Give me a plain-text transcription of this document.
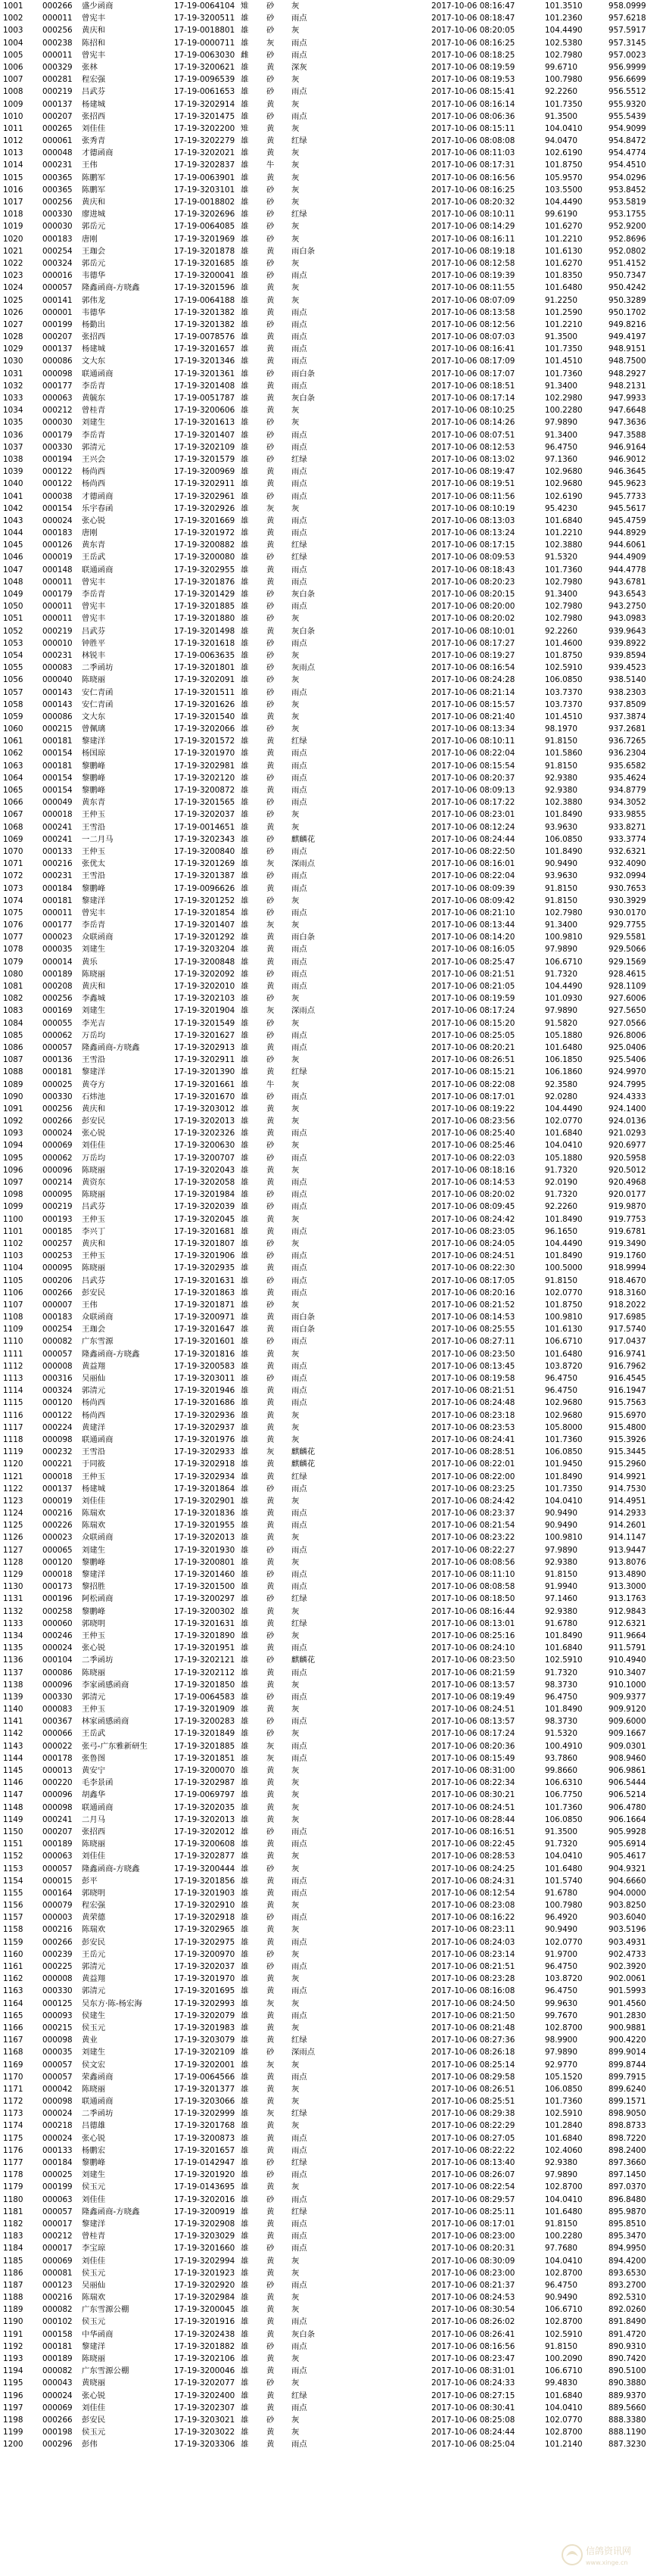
1001	000266	盛少函商	17-19-0064104 雉	砂	灰	2017-10-06 08:16:47	101.3510	958.0999
1002	000011	曾宪丰	17-19-3200511 雄	砂	雨点	2017-10-06 08:18:47	101.2360	957.6218
1003	000256	黄庆和	17-19-0018801 雄	砂	灰	2017-10-06 08:20:05	104.4490	957.5917
1004	000238	陈招和	17-19-0000711 雄	灰	雨点	2017-10-06 08:16:25	102.5380	957.3145
1005	000011	曾宪丰	17-19-0063030 雌	砂	雨点	2017-10-06 08:18:25	102.7980	957.0023
1006	000329	张林	17-19-3200621 雄	黄	深灰	2017-10-06 08:19:59	99.6710	956.9999
1007	000281	程宏强	17-19-0096539 雄	砂	灰	2017-10-06 08:19:53	100.7980	956.6699
1008	000219	吕武芬	17-19-0061653 雄	砂	雨点	2017-10-06 08:15:41	92.2260	956.5512
1009	000137	杨建城	17-19-3202914 雄	黄	灰	2017-10-06 08:16:14	101.7350	955.9320
1010	000207	张招西	17-19-3201475 雄	砂	雨点	2017-10-06 08:06:36	91.3500	955.5439
1011	000265	刘佳佳	17-19-3202200 雉	黄	灰	2017-10-06 08:15:11	104.0410	954.9099
1012	000061	张秀青	17-19-3202279 雄	黄	红绿	2017-10-06 08:08:08	94.0470	954.8472
1013	000048	才德函商	17-19-3202021 雄	黄	灰	2017-10-06 08:11:03	102.6190	954.4774
1014	000231	王伟	17-19-3202837 雄	牛	灰	2017-10-06 08:17:31	101.8750	954.4510
1015	000365	陈鹏军	17-19-0063901 雄	黄	灰	2017-10-06 08:16:56	105.9570	954.0296
1016	000365	陈鹏军	17-19-3203101 雄	砂	灰	2017-10-06 08:16:25	103.5500	953.8452
1017	000256	黄庆和	17-19-0018802 雄	砂	灰	2017-10-06 08:20:32	104.4490	953.5819
1018	000330	廖进城	17-19-3202696 雄	砂	红绿	2017-10-06 08:10:11	99.6190	953.1755
1019	000030	郭岳元	17-19-0064085 雄	砂	灰	2017-10-06 08:14:29	101.6270	952.9200
1020	000183	唐刚	17-19-3201969 雄	砂	灰	2017-10-06 08:16:11	101.2210	952.8696
1021	000254	王珈会	17-19-3201878 雄	黄	雨白条	2017-10-06 08:19:18	101.6130	952.0802
1022	000324	郭岳元	17-19-3201685 雄	砂	灰	2017-10-06 08:12:58	101.6270	951.4152
1023	000016	韦德华	17-19-3200041 雄	砂	雨点	2017-10-06 08:19:39	101.8350	950.7347
1024	000057	隆鑫函商-方晓鑫	17-19-3201596 雄	黄	灰	2017-10-06 08:11:55	101.6480	950.4242
1025	000141	郭伟龙	17-19-0064188 雄	黄	灰	2017-10-06 08:07:09	91.2250	950.3289
1026	000001	韦德华	17-19-3201382 雄	黄	雨点	2017-10-06 08:13:58	101.2590	950.1702
1027	000199	杨勤出	17-19-3201382 雄	砂	雨点	2017-10-06 08:12:56	101.2210	949.8216
1028	000207	张招西	17-19-0078576 雄	黄	雨点	2017-10-06 08:07:03	91.3500	949.4197
1029	000137	杨建城	17-19-3201657 雄	黄	雨点	2017-10-06 08:16:41	101.7350	948.9151
1030	000086	文大东	17-19-3201346 雄	黄	雨点	2017-10-06 08:17:09	101.4510	948.7500
1031	000098	联通函商	17-19-3201361 雄	砂	雨白条	2017-10-06 08:17:07	101.7360	948.2927
1032	000177	李岳青	17-19-3201408 雄	黄	雨点	2017-10-06 08:18:51	91.3400	948.2131
1033	000063	黄毓东	17-19-0051787 雄	黄	灰白条	2017-10-06 08:17:14	102.2980	947.9933
1034	000212	曾桂青	17-19-3200606 雄	黄	灰	2017-10-06 08:10:25	100.2280	947.6648
1035	000030	刘建生	17-19-3201613 雄	砂	灰	2017-10-06 08:14:26	97.9890	947.3636
1036	000179	李岳青	17-19-3201407 雄	砂	雨点	2017-10-06 08:07:51	91.3400	947.3588
1037	000330	郭清元	17-19-3202109 雄	砂	雨点	2017-10-06 08:12:53	96.4750	946.9164
1038	000194	王兴会	17-19-3201579 雄	砂	红绿	2017-10-06 08:13:02	97.1360	946.9012
1039	000122	杨尚西	17-19-3200969 雄	黄	雨点	2017-10-06 08:19:47	102.9680	946.3645
1040	000122	杨尚西	17-19-3202911 雄	黄	雨点	2017-10-06 08:19:51	102.9680	945.9623
1041	000038	才德函商	17-19-3202961 雄	砂	雨点	2017-10-06 08:11:56	102.6190	945.7733
1042	000154	乐宇春函	17-19-3202926 雄	灰	灰	2017-10-06 08:10:19	95.4230	945.5617
1043	000024	张心锐	17-19-3201669 雄	黄	雨点	2017-10-06 08:13:03	101.6840	945.4759
1044	000183	唐刚	17-19-3201972 雄	黄	雨点	2017-10-06 08:13:24	101.2210	944.8929
1045	000126	黄东青	17-19-3200882 雄	黄	红绿	2017-10-06 08:17:15	102.3880	944.6061
1046	000019	王岳武	17-19-3200080 雄	砂	红绿	2017-10-06 08:09:53	91.5320	944.4909
1047	000148	联通函商	17-19-3202955 雄	黄	雨点	2017-10-06 08:18:43	101.7360	944.4778
1048	000011	曾宪丰	17-19-3201876 雄	黄	雨点	2017-10-06 08:20:23	102.7980	943.6781
1049	000179	李岳青	17-19-3201429 雄	砂	灰白条	2017-10-06 08:20:15	91.3400	943.6543
1050	000011	曾宪丰	17-19-3201885 雄	砂	雨点	2017-10-06 08:20:00	102.7980	943.2750
1051	000011	曾宪丰	17-19-3201880 雄	砂	灰	2017-10-06 08:20:02	102.7980	943.0983
1052	000219	吕武芬	17-19-3201498 雄	黄	灰白条	2017-10-06 08:10:01	92.2260	939.9643
1053	000010	钟胜平	17-19-3201618 雄	砂	雨点	2017-10-06 08:17:27	101.4600	939.8922
1054	000231	林锐丰	17-19-0063635 雄	砂	灰	2017-10-06 08:19:27	101.8750	939.8594
1055	000083	二季函坊	17-19-3201801 雄	砂	灰雨点	2017-10-06 08:16:54	102.5910	939.4523
1056	000040	陈晓丽	17-19-3202091 雄	砂	灰	2017-10-06 08:24:28	106.0850	938.5140
1057	000143	安仁青函	17-19-3201511 雄	砂	雨点	2017-10-06 08:21:14	103.7370	938.2303
1058	000143	安仁青函	17-19-3201626 雄	砂	灰	2017-10-06 08:15:57	103.7370	937.8509
1059	000086	文大东	17-19-3201540 雄	黄	灰	2017-10-06 08:21:40	101.4510	937.3874
1060	000215	曾佩璃	17-19-3202066 雄	砂	灰	2017-10-06 08:13:34	98.1970	937.2681
1061	000181	黎建洋	17-19-3201572 雄	黄	红绿	2017-10-06 08:10:11	91.8150	936.7265
1062	000154	杨国琼	17-19-3201970 雄	黄	雨点	2017-10-06 08:22:04	101.5860	936.2304
1063	000181	黎鹏峰	17-19-3202981 雄	黄	雨点	2017-10-06 08:15:54	91.8150	935.6582
1064	000154	黎鹏峰	17-19-3202120 雄	砂	雨点	2017-10-06 08:20:37	92.9380	935.4624
1065	000154	黎鹏峰	17-19-3200872 雄	黄	雨点	2017-10-06 08:09:13	92.9380	934.8779
1066	000049	黄东青	17-19-3201565 雄	砂	雨点	2017-10-06 08:17:22	102.3880	934.3052
1067	000018	王仲玉	17-19-3202037 雄	砂	灰	2017-10-06 08:23:01	101.8490	933.9855
1068	000241	王雪沿	17-19-0014651 雄	黄	灰	2017-10-06 08:12:24	93.9630	933.8271
1069	000241	一二月马	17-19-3202343 雄	砂	麒麟花	2017-10-06 08:24:44	106.0850	933.3774
1070	000133	王仲玉	17-19-3200840 雄	砂	雨点	2017-10-06 08:22:50	101.8490	932.6321
1071	000216	张优太	17-19-3201269 雄	灰	深雨点	2017-10-06 08:16:01	90.9490	932.4090
1072	000231	王雪沿	17-19-3201387 雄	砂	雨点	2017-10-06 08:22:04	93.9630	932.0994
1073	000184	黎鹏峰	17-19-0096626 雄	黄	雨点	2017-10-06 08:09:39	91.8150	930.7653
1074	000181	黎建洋	17-19-3201252 雄	砂	灰	2017-10-06 08:09:42	91.8150	930.3929
1075	000011	曾宪丰	17-19-3201854 雄	砂	雨点	2017-10-06 08:21:10	102.7980	930.0170
1076	000177	李岳青	17-19-3201407 雄	灰	灰	2017-10-06 08:13:44	91.3400	929.7755
1077	000023	众联函商	17-19-3201292 雄	黄	雨白条	2017-10-06 08:14:20	100.9810	929.5581
1078	000035	刘建生	17-19-3203204 雄	黄	雨点	2017-10-06 08:16:05	97.9890	929.5066
1079	000014	黄乐	17-19-3200848 雄	黄	雨点	2017-10-06 08:25:47	106.6710	929.1569
1080	000189	陈晓丽	17-19-3202092 雄	砂	雨点	2017-10-06 08:21:51	91.7320	928.4615
1081	000208	黄庆和	17-19-3202010 雄	黄	雨点	2017-10-06 08:21:05	104.4490	928.1109
1082	000256	李鑫城	17-19-3202103 雄	砂	灰	2017-10-06 08:19:59	101.0930	927.6006
1083	000169	刘建生	17-19-3201904 雄	灰	深雨点	2017-10-06 08:17:24	97.9890	927.5650
1084	000055	李光吉	17-19-3201549 雄	砂	灰	2017-10-06 08:15:20	91.5820	927.0566
1085	000062	万岳均	17-19-3201627 雄	砂	雨点	2017-10-06 08:25:05	105.1880	926.8006
1086	000057	隆鑫函商-方晓鑫	17-19-3202913 雄	黄	雨点	2017-10-06 08:20:21	101.6480	925.0406
1087	000136	王雪沿	17-19-3202911 雄	砂	灰	2017-10-06 08:26:51	106.1850	925.5406
1088	000181	黎建洋	17-19-3201390 雄	黄	红绿	2017-10-06 08:15:21	106.1860	924.9970
1089	000025	黄夺方	17-19-3201661 雄	牛	灰	2017-10-06 08:22:08	92.3580	924.7995
1090	000330	石炜池	17-19-3201670 雄	砂	雨点	2017-10-06 08:17:01	92.0280	924.4333
1091	000256	黄庆和	17-19-3203012 雄	黄	灰	2017-10-06 08:19:22	104.4490	924.1400
1092	000266	彭安民	17-19-3202013 雄	黄	灰	2017-10-06 08:23:56	102.0770	924.0136
1093	000024	张心锐	17-19-3202326 雄	黄	雨点	2017-10-06 08:25:40	101.6840	921.0293
1094	000069	刘佳佳	17-19-3200630 雄	砂	灰	2017-10-06 08:25:46	104.0410	920.6977
1095	000062	万岳均	17-19-3200707 雄	砂	雨点	2017-10-06 08:22:03	105.1880	920.5958
1096	000096	陈晓丽	17-19-3202043 雄	黄	灰	2017-10-06 08:18:16	91.7320	920.5012
1097	000214	黄资东	17-19-3202058 雄	黄	雨点	2017-10-06 08:14:53	92.0190	920.4968
1098	000095	陈晓丽	17-19-3201984 雄	砂	雨点	2017-10-06 08:20:02	91.7320	920.0177
1099	000219	吕武芬	17-19-3202039 雄	砂	雨点	2017-10-06 08:09:45	92.2260	919.9870
1100	000193	王仲玉	17-19-3202045 雄	黄	灰	2017-10-06 08:24:42	101.8490	919.7753
1101	000185	李兴丁	17-19-3201681 雄	黄	雨点	2017-10-06 08:23:05	96.1650	919.6781
1102	000257	黄庆和	17-19-3201807 雄	砂	灰	2017-10-06 08:24:05	104.4490	919.3490
1103	000253	王仲玉	17-19-3201906 雄	砂	雨点	2017-10-06 08:24:51	101.8490	919.1760
1104	000095	陈晓丽	17-19-3202935 雄	黄	雨点	2017-10-06 08:22:30	100.5000	918.9994
1105	000206	吕武芬	17-19-3201631 雄	砂	雨点	2017-10-06 08:17:05	91.8150	918.4670
1106	000266	彭安民	17-19-3201863 雄	黄	雨点	2017-10-06 08:20:16	102.0770	918.3160
1107	000007	王伟	17-19-3201871 雄	砂	灰	2017-10-06 08:21:52	101.8750	918.2022
1108	000183	众联函商	17-19-3200971 雄	黄	雨白条	2017-10-06 08:14:53	100.9810	917.6985
1109	000254	王珈会	17-19-3201647 雄	黄	雨白条	2017-10-06 08:25:55	101.6130	917.5740
1110	000082	广东雪源	17-19-3201601 雄	砂	雨点	2017-10-06 08:27:11	106.6710	917.0437
1111	000057	隆鑫函商-方晓鑫	17-19-3201816 雄	黄	灰	2017-10-06 08:23:50	101.6480	916.9741
1112	000008	黄益翔	17-19-3200583 雄	黄	雨点	2017-10-06 08:13:45	103.8720	916.7962
1113	000316	吴丽仙	17-19-3203011 雄	砂	雨点	2017-10-06 08:19:58	96.4750	916.4545
1114	000324	郭清元	17-19-3201946 雄	黄	雨点	2017-10-06 08:21:51	96.4750	916.1947
1115	000120	杨尚西	17-19-3201686 雄	黄	雨点	2017-10-06 08:24:48	102.9680	915.7563
1116	000122	杨尚西	17-19-3202936 雄	黄	灰	2017-10-06 08:23:18	102.9680	915.6970
1117	000224	黄建洋	17-19-3202937 雄	黄	灰	2017-10-06 08:23:53	105.8000	915.4800
1118	000098	联通函商	17-19-3201976 雄	黄	灰	2017-10-06 08:24:41	101.7360	915.3926
1119	000232	王雪沿	17-19-3202933 雄	灰	麒麟花	2017-10-06 08:28:51	106.0850	915.3445
1120	000221	于同筱	17-19-3202918 雄	黄	麒麟花	2017-10-06 08:22:01	101.9450	915.2960
1121	000018	王仲玉	17-19-3202934 雄	黄	红绿	2017-10-06 08:22:00	101.8490	914.9921
1122	000137	杨建城	17-19-3201864 雄	砂	雨点	2017-10-06 08:23:25	101.7350	914.7530
1123	000019	刘佳佳	17-19-3202901 雄	黄	灰	2017-10-06 08:24:42	104.0410	914.4951
1124	000216	陈瑞欢	17-19-3201836 雄	黄	雨点	2017-10-06 08:23:37	90.9490	914.2933
1125	000226	陈瑞欢	17-19-3201955 雄	黄	雨点	2017-10-06 08:21:54	90.9490	914.2601
1126	000023	众联函商	17-19-3202013 雄	黄	灰	2017-10-06 08:23:22	100.9810	914.1147
1127	000065	刘建生	17-19-3201930 雄	砂	雨点	2017-10-06 08:22:27	97.9890	913.9447
1128	000120	黎鹏峰	17-19-3200801 雄	黄	灰	2017-10-06 08:08:56	92.9380	913.8076
1129	000018	黎建洋	17-19-3201460 雄	砂	雨点	2017-10-06 08:11:10	91.8150	913.4890
1130	000173	黎招胜	17-19-3201500 雄	黄	雨点	2017-10-06 08:08:58	91.9940	913.3000
1131	000196	阿松函商	17-19-3200297 雄	砂	红绿	2017-10-06 08:18:50	97.1460	913.1763
1132	000258	黎鹏峰	17-19-3200302 雄	黄	灰	2017-10-06 08:16:44	92.9380	912.9843
1133	000060	郭晓明	17-19-3201631 雄	黄	红绿	2017-10-06 08:13:01	91.6780	912.6321
1134	000246	王仲玉	17-19-3201890 雄	砂	灰	2017-10-06 08:25:16	101.8490	911.9664
1135	000024	张心锐	17-19-3201951 雄	黄	雨点	2017-10-06 08:24:10	101.6840	911.5791
1136	000104	二季函坊	17-19-3202121 雄	砂	麒麟花	2017-10-06 08:23:50	102.5910	910.4940
1137	000086	陈晓丽	17-19-3202112 雄	黄	雨点	2017-10-06 08:21:59	91.7320	910.3407
1138	000096	李家函感函商	17-19-3201850 雄	黄	灰	2017-10-06 08:13:57	98.3730	910.1000
1139	000330	郭清元	17-19-0064583 雄	砂	雨点	2017-10-06 08:19:49	96.4750	909.9377
1140	000083	王仲玉	17-19-3201909 雄	黄	灰	2017-10-06 08:24:51	101.8490	909.9120
1141	000367	林家函感函商	17-19-3200283 雄	砂	雨点	2017-10-06 08:13:57	98.3730	909.6000
1142	000066	王岳武	17-19-3201849 雄	砂	灰	2017-10-06 08:17:24	91.5320	909.1667
1143	000022	张弓-广东雅新研生	17-19-3201885 雄	灰	雨点	2017-10-06 08:20:36	100.4910	909.0301
1144	000178	张鲁图	17-19-3201851 雄	灰	雨点	2017-10-06 08:15:49	93.7860	908.9460
1145	000013	黄安宁	17-19-3200070 雄	黄	灰	2017-10-06 08:31:00	99.8660	906.9861
1146	000220	毛李景函	17-19-3202987 雄	黄	灰	2017-10-06 08:22:34	106.6310	906.5444
1147	000096	胡鑫华	17-19-0069797 雄	黄	灰	2017-10-06 08:30:21	106.7750	906.5214
1148	000098	联通函商	17-19-3202035 雄	黄	灰	2017-10-06 08:24:51	101.7360	906.4780
1149	000241	二月马	17-19-3202013 雄	黄	灰	2017-10-06 08:28:44	106.0850	906.1664
1150	000207	张招西	17-19-3202012 雄	砂	雨点	2017-10-06 08:16:51	91.3500	905.9928
1151	000189	陈晓丽	17-19-3200608 雄	黄	雨点	2017-10-06 08:22:45	91.7320	905.6914
1152	000063	刘佳佳	17-19-3202877 雄	黄	灰	2017-10-06 08:28:53	104.0410	905.4617
1153	000057	隆鑫函商-方晓鑫	17-19-3200444 雄	砂	灰	2017-10-06 08:24:25	101.6480	904.9321
1154	000015	彭平	17-19-3201856 雄	黄	雨点	2017-10-06 08:24:31	101.5740	904.6660
1155	000164	郭晓明	17-19-3201903 雄	黄	雨点	2017-10-06 08:12:54	91.6780	904.0000
1156	000079	程宏强	17-19-3202910 雄	黄	灰	2017-10-06 08:23:08	100.7980	903.8250
1157	000003	黄荣德	17-19-3202918 雄	砂	雨点	2017-10-06 08:16:22	96.4920	903.6040
1158	000216	陈瑞欢	17-19-3202965 雄	黄	灰	2017-10-06 08:23:11	90.9490	903.5196
1159	000266	彭安民	17-19-3202975 雄	黄	雨点	2017-10-06 08:24:03	102.0770	903.4931
1160	000239	王岳元	17-19-3200970 雄	砂	灰	2017-10-06 08:23:14	91.9700	902.4733
1161	000225	郭清元	17-19-3202037 雄	砂	雨点	2017-10-06 08:21:51	96.4750	902.3920
1162	000008	黄益翔	17-19-3201970 雄	黄	灰	2017-10-06 08:23:28	103.8720	902.0061
1163	000330	郭清元	17-19-3201695 雄	黄	雨点	2017-10-06 08:16:08	96.4750	901.5993
1164	000125	吴东方·陈-杨宏海	17-19-3202993 雄	灰	灰	2017-10-06 08:24:50	99.9630	901.4560
1165	000093	侯建生	17-19-3202079 雄	黄	雨点	2017-10-06 08:21:50	99.7670	901.2830
1166	000215	侯玉元	17-19-3201983 雄	黄	灰	2017-10-06 08:21:48	102.8700	900.9881
1167	000098	黄业	17-19-3203079 雄	黄	红绿	2017-10-06 08:27:36	98.9900	900.4220
1168	000035	刘建生	17-19-3202109 雄	砂	深雨点	2017-10-06 08:26:18	97.9890	899.9014
1169	000057	侯文宏	17-19-3202001 雄	灰	灰	2017-10-06 08:25:14	92.9770	899.8744
1170	000057	荣鑫函商	17-19-0064566 雄	黄	雨点	2017-10-06 08:29:58	105.1520	899.7915
1171	000042	陈晓丽	17-19-3201377 雄	黄	灰	2017-10-06 08:26:51	106.0850	899.6240
1172	000098	联通函商	17-19-3203066 雄	黄	灰	2017-10-06 08:25:51	101.7360	899.1571
1173	000024	二季函坊	17-19-3202999 雄	灰	红绿	2017-10-06 08:29:38	102.5910	898.9050
1174	000218	吕德雄	17-19-3201768 雄	黄	灰	2017-10-06 08:22:29	101.2840	898.8733
1175	000024	张心锐	17-19-3200873 雄	黄	雨点	2017-10-06 08:27:05	101.6840	898.7220
1176	000133	杨鹏宏	17-19-3201657 雄	黄	雨点	2017-10-06 08:22:22	102.4060	898.2400
1177	000184	黎鹏峰	17-19-0142947 雄	砂	红绿	2017-10-06 08:13:40	92.9380	897.3660
1178	000025	刘建生	17-19-3201920 雄	砂	雨点	2017-10-06 08:26:07	97.9890	897.1450
1179	000199	侯玉元	17-19-0143695 雄	黄	灰	2017-10-06 08:22:54	102.8700	897.0370
1180	000063	刘佳佳	17-19-3202016 雄	砂	雨点	2017-10-06 08:29:57	104.0410	896.8480
1181	000057	隆鑫函商-方晓鑫	17-19-3200919 雄	黄	红绿	2017-10-06 08:25:11	101.6480	895.9870
1182	000017	黎建洋	17-19-3202908 雄	黄	雨点	2017-10-06 08:17:01	91.8150	895.8510
1183	000212	曾桂青	17-19-3203029 雄	黄	雨点	2017-10-06 08:23:00	100.2280	895.3470
1184	000017	李宝琼	17-19-3201660 雄	砂	雨点	2017-10-06 08:20:31	97.7680	894.9950
1185	000069	刘佳佳	17-19-3202994 雄	黄	灰	2017-10-06 08:30:09	104.0410	894.4200
1186	000081	侯玉元	17-19-3201923 雄	黄	灰	2017-10-06 08:23:00	102.8700	893.6530
1187	000123	吴丽仙	17-19-3202920 雄	砂	雨点	2017-10-06 08:21:37	96.4750	893.2700
1188	000216	陈瑞欢	17-19-3202984 雄	黄	灰	2017-10-06 08:24:53	90.9490	892.5310
1189	000082	广东雪源公棚	17-19-3200045 雄	黄	灰	2017-10-06 08:30:54	106.6710	892.0260
1190	000102	侯玉元	17-19-3201916 雄	黄	雨点	2017-10-06 08:26:02	102.8700	891.8490
1191	000158	中华函商	17-19-3202438 雄	黄	灰白条	2017-10-06 08:26:41	102.5910	891.4720
1192	000181	黎建洋	17-19-3201882 雄	砂	雨点	2017-10-06 08:16:56	91.8150	890.9310
1193	000189	陈晓丽	17-19-3202106 雄	黄	灰	2017-10-06 08:23:47	100.2090	890.7420
1194	000082	广东雪源公棚	17-19-3200046 雄	黄	雨点	2017-10-06 08:31:01	106.6710	890.5100
1195	000043	黄晓丽	17-19-3202077 雄	砂	灰	2017-10-06 08:24:33	99.4830	890.3880
1196	000024	张心锐	17-19-3202400 雄	黄	红绿	2017-10-06 08:27:15	101.6840	889.9370
1197	000069	刘佳佳	17-19-3202307 雄	黄	雨点	2017-10-06 08:30:41	104.0410	889.5660
1198	000266	彭安民	17-19-3203021 雄	砂	灰	2017-10-06 08:25:08	102.0770	888.3380
1199	000198	侯玉元	17-19-3203022 雄	黄	灰	2017-10-06 08:24:44	102.8700	888.1190
1200	000296	彭伟	17-19-3203306 雄	黄	雨点	2017-10-06 08:25:04	101.2140	887.3230
信鸽资讯网
www.xinge.cn
